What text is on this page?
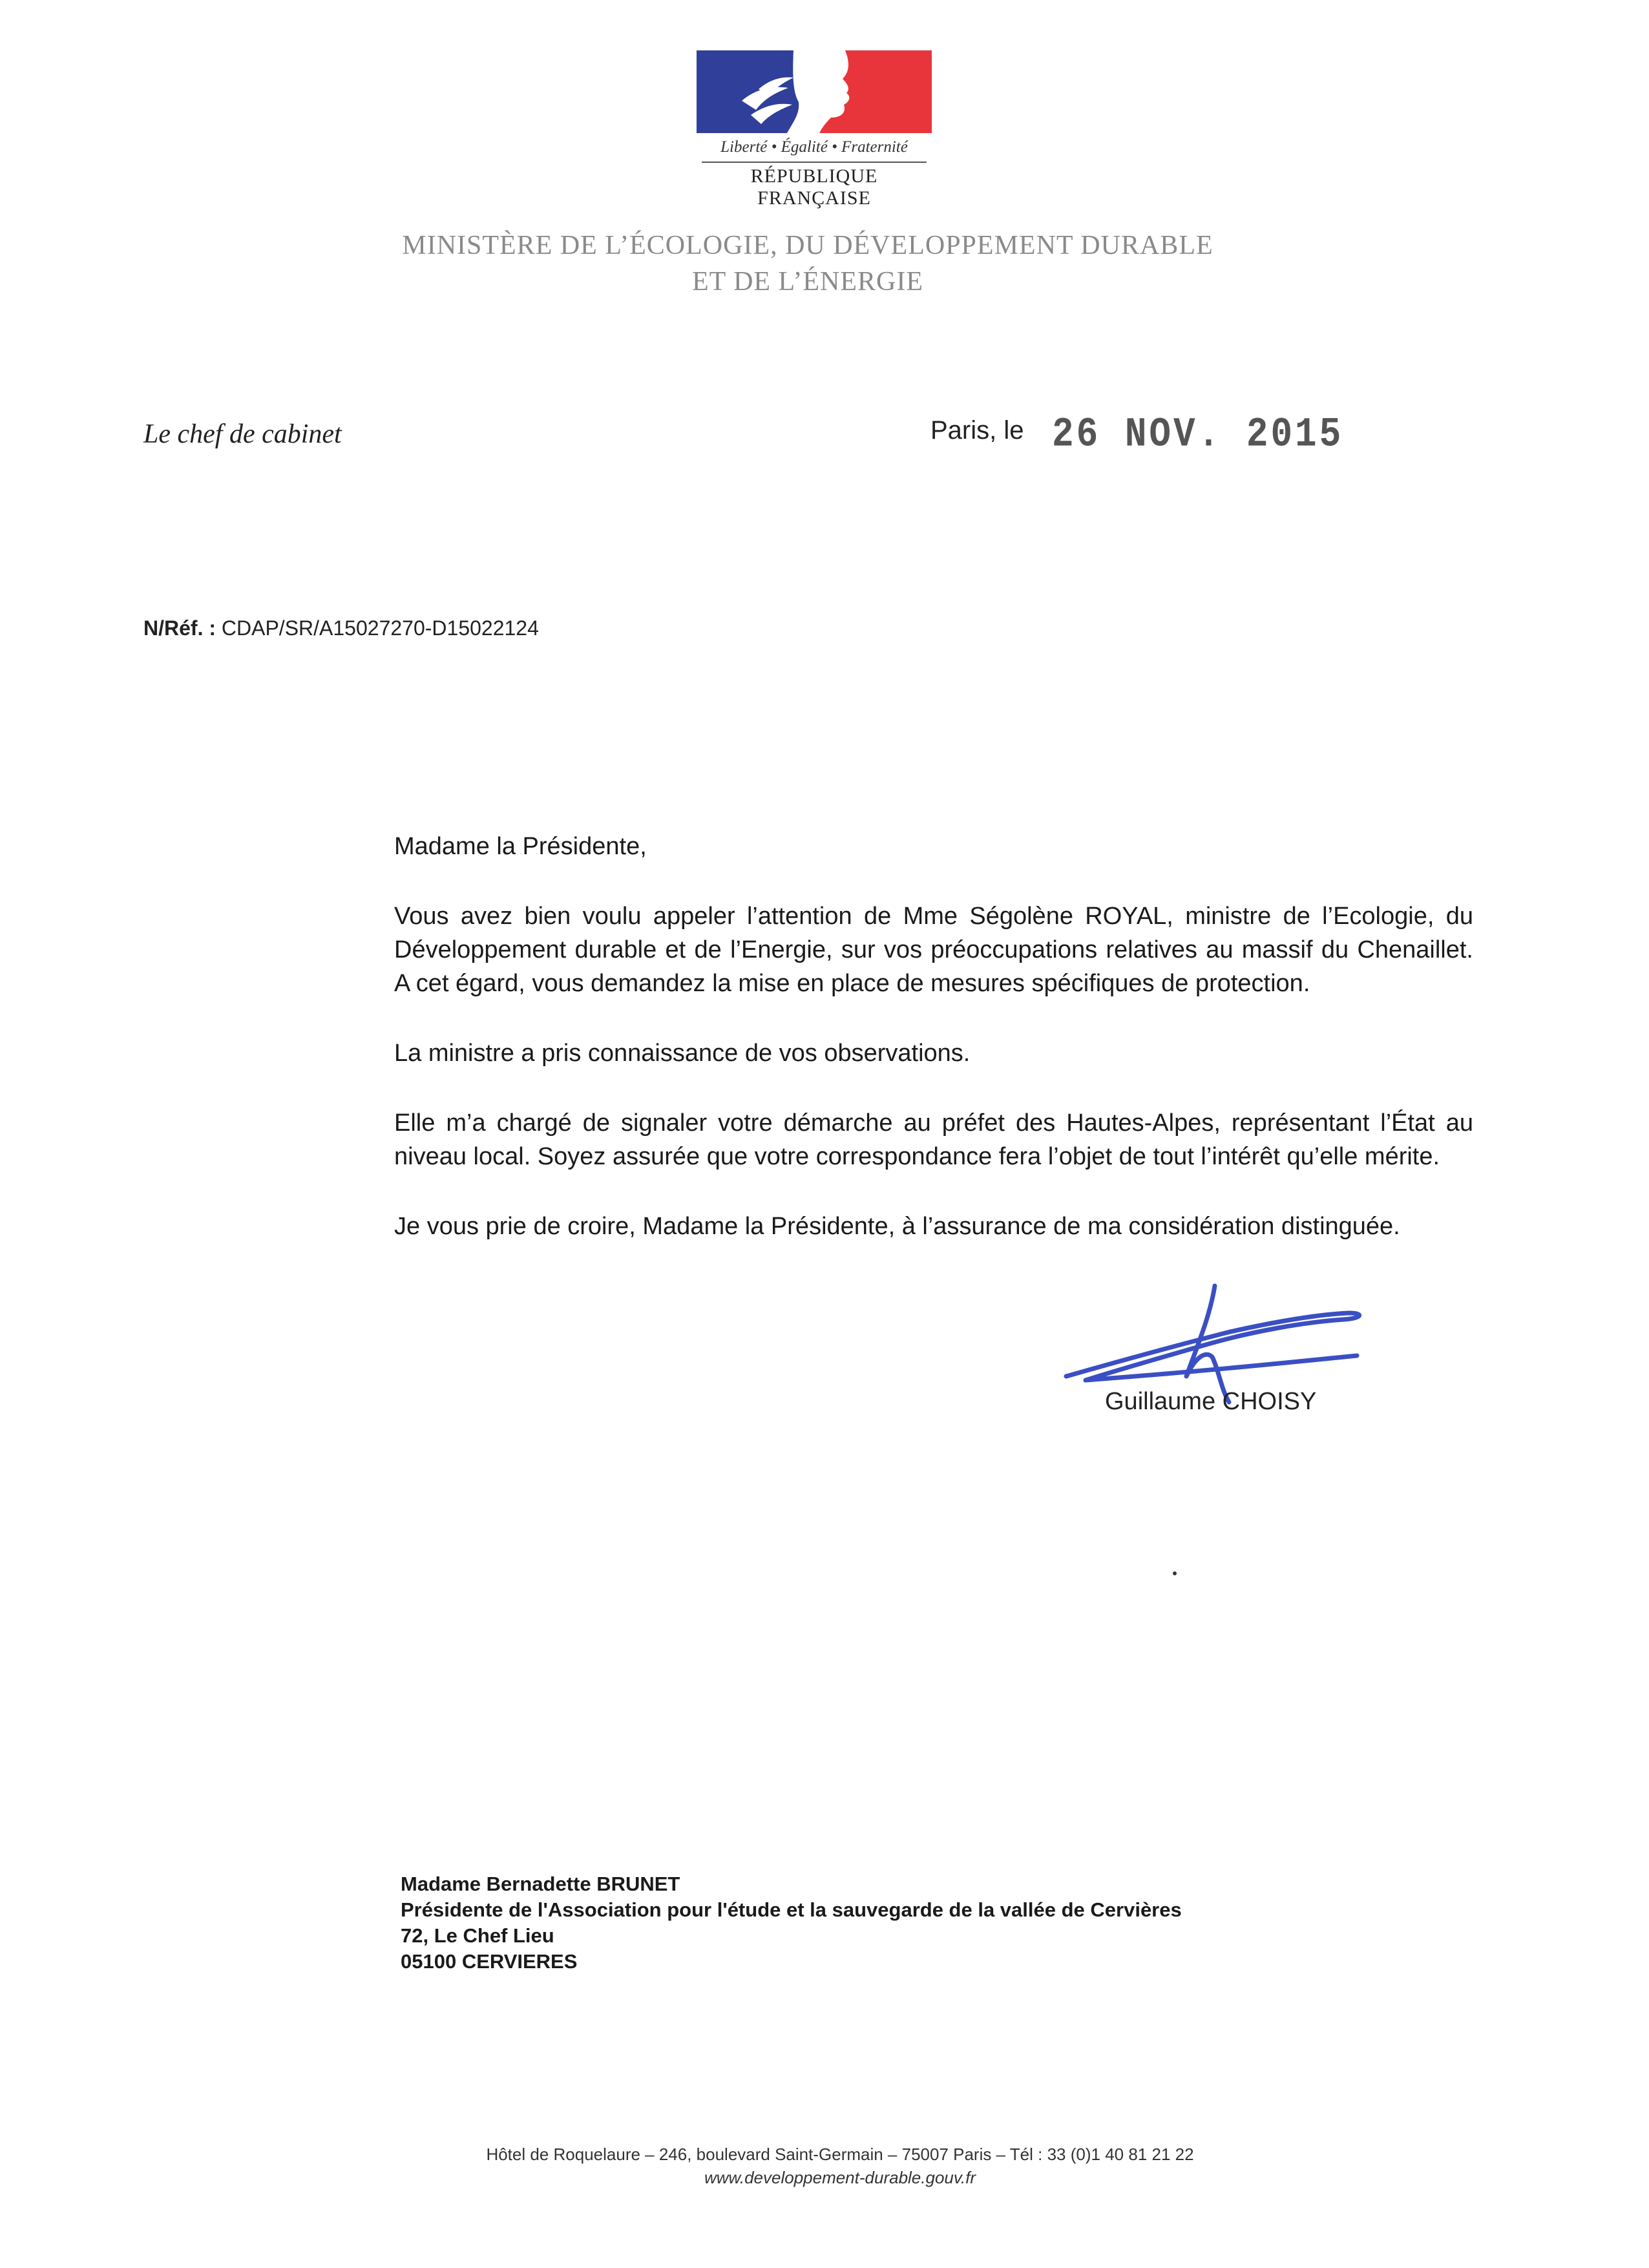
Liberté • Égalité • Fraternité
RÉPUBLIQUE FRANÇAISE
MINISTÈRE DE L’ÉCOLOGIE, DU DÉVELOPPEMENT DURABLE
ET DE L’ÉNERGIE
Le chef de cabinet	Paris, le 26 NOV. 2015
N/Réf. : CDAP/SR/A15027270-D15022124

Madame la Présidente,

Vous avez bien voulu appeler l’attention de Mme Ségolène ROYAL, ministre de l’Ecologie, du Développement durable et de l’Energie, sur vos préoccupations relatives au massif du Chenaillet. A cet égard, vous demandez la mise en place de mesures spécifiques de protection.

La ministre a pris connaissance de vos observations.

Elle m’a chargé de signaler votre démarche au préfet des Hautes-Alpes, représentant l’État au niveau local. Soyez assurée que votre correspondance fera l’objet de tout l’intérêt qu’elle mérite.

Je vous prie de croire, Madame la Présidente, à l’assurance de ma considération distinguée.

Guillaume CHOISY
Madame Bernadette BRUNET
Présidente de l'Association pour l'étude et la sauvegarde de la vallée de Cervières
72, Le Chef Lieu
05100 CERVIERES
Hôtel de Roquelaure – 246, boulevard Saint-Germain – 75007 Paris – Tél : 33 (0)1 40 81 21 22
www.developpement-durable.gouv.fr
